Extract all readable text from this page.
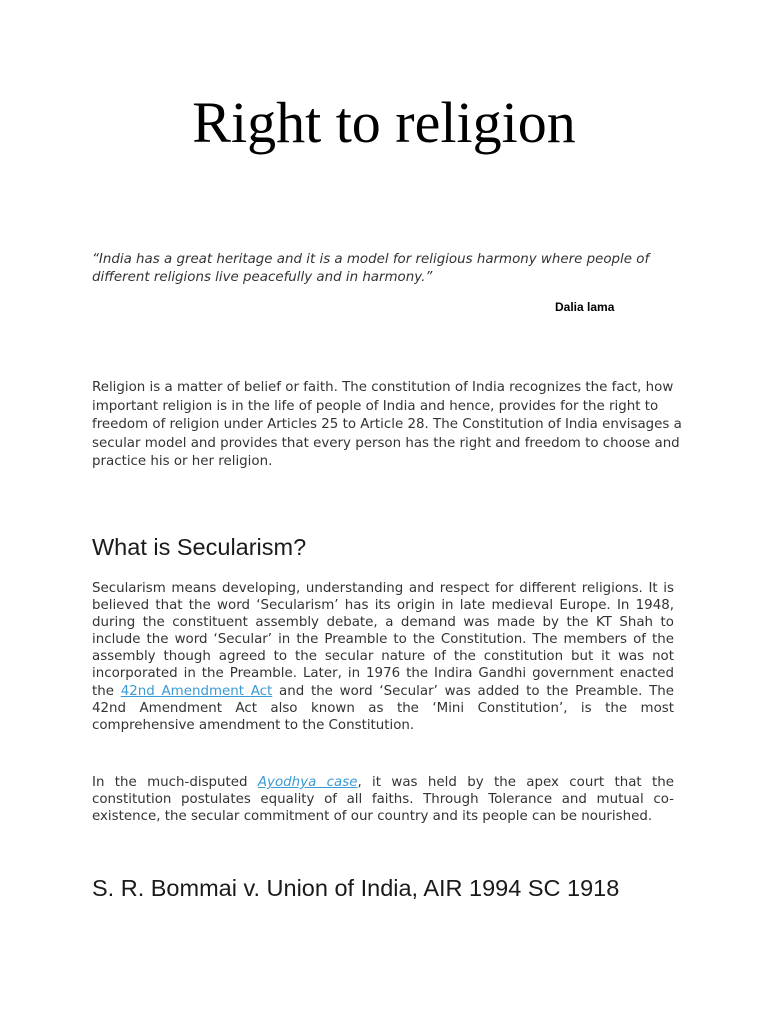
Right to religion

“India has a great heritage and it is a model for religious harmony where people of different religions live peacefully and in harmony.”

Dalia lama

Religion is a matter of belief or faith. The constitution of India recognizes the fact, how important religion is in the life of people of India and hence, provides for the right to freedom of religion under Articles 25 to Article 28. The Constitution of India envisages a secular model and provides that every person has the right and freedom to choose and practice his or her religion.

What is Secularism?

Secularism means developing, understanding and respect for different religions. It is believed that the word ‘Secularism’ has its origin in late medieval Europe. In 1948, during the constituent assembly debate, a demand was made by the KT Shah to include the word ‘Secular’ in the Preamble to the Constitution. The members of the assembly though agreed to the secular nature of the constitution but it was not incorporated in the Preamble. Later, in 1976 the Indira Gandhi government enacted the 42nd Amendment Act and the word ‘Secular’ was added to the Preamble. The 42nd Amendment Act also known as the ‘Mini Constitution’, is the most comprehensive amendment to the Constitution.

In the much-disputed Ayodhya case, it was held by the apex court that the constitution postulates equality of all faiths. Through Tolerance and mutual co-existence, the secular commitment of our country and its people can be nourished.

S. R. Bommai v. Union of India, AIR 1994 SC 1918
